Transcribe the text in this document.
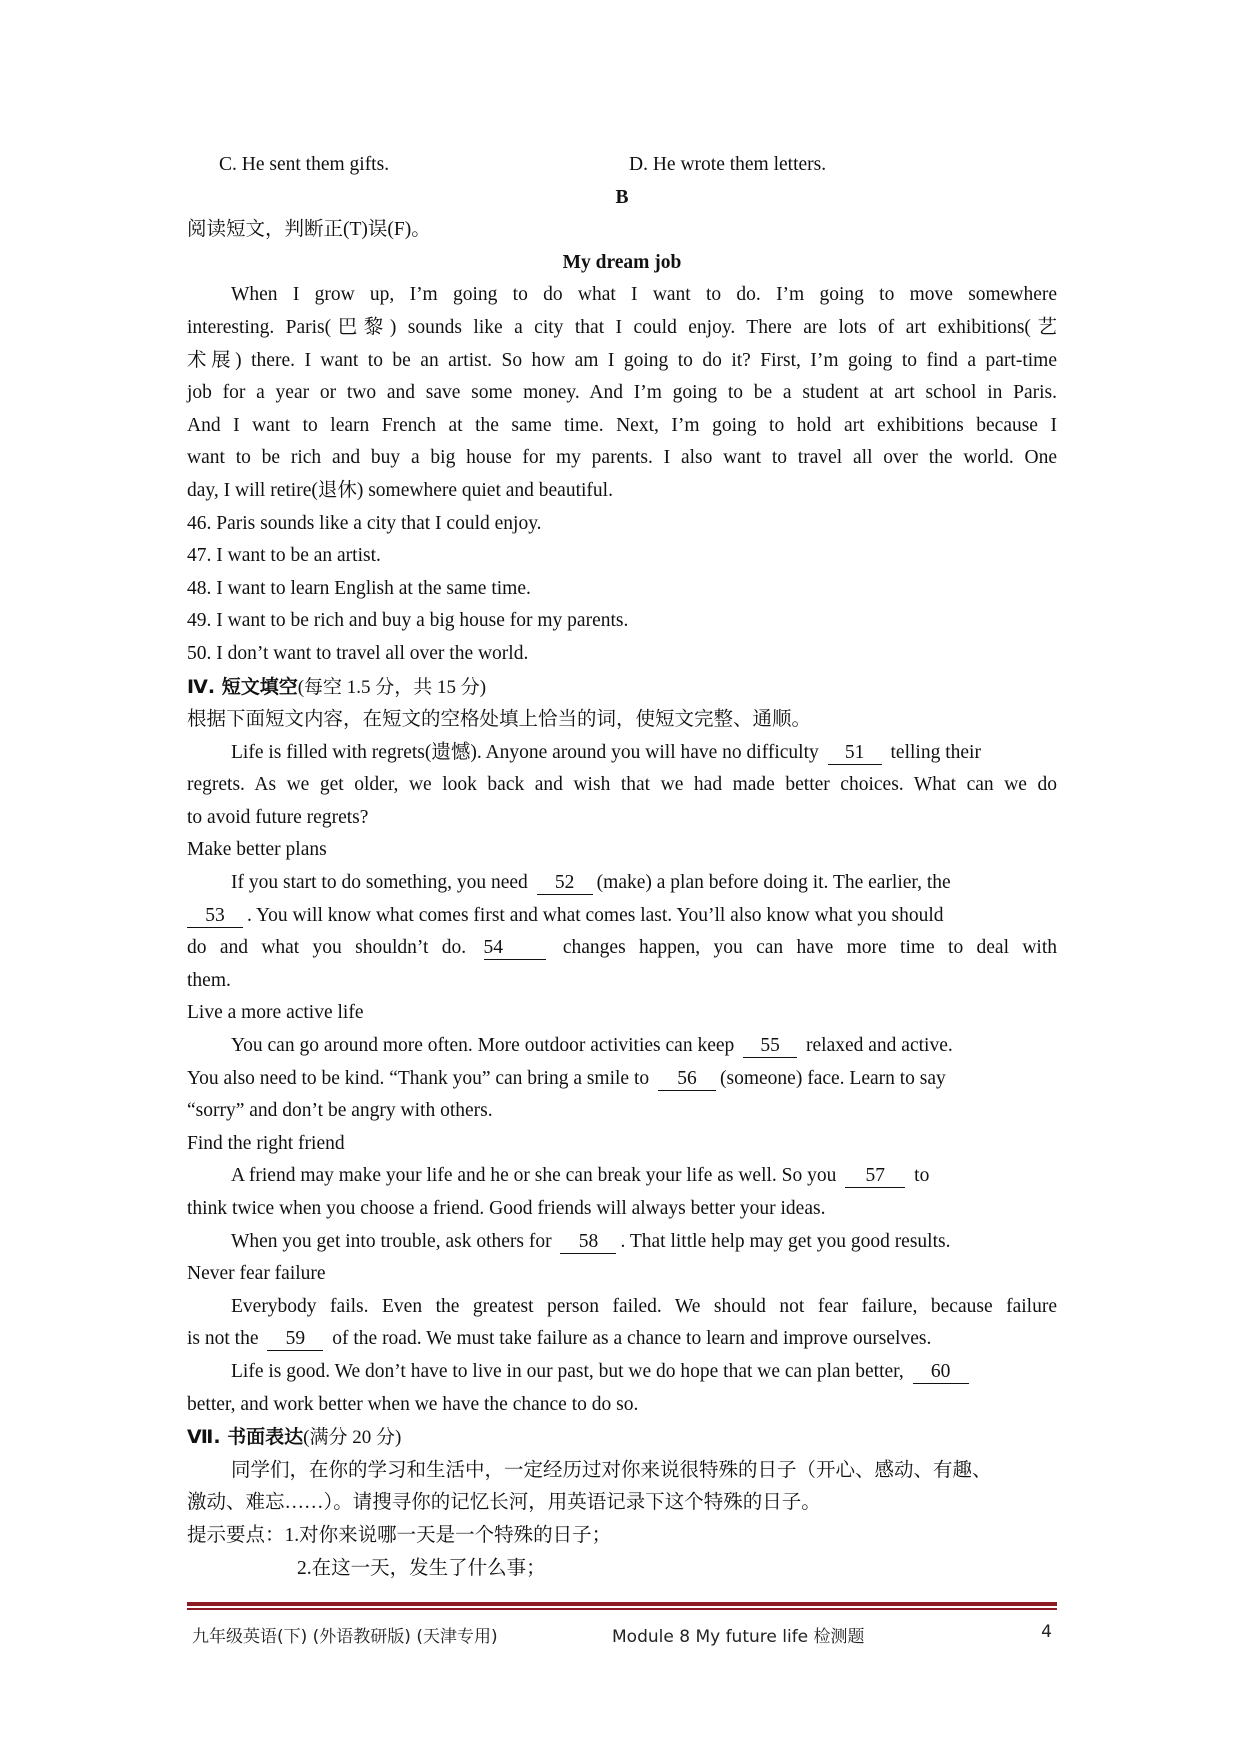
C. He sent them gifts.	D. He wrote them letters.
B
阅读短文，判断正(T)误(F)。
My dream job
When I grow up, I’m going to do what I want to do. I’m going to move somewhere
interesting. Paris(巴黎) sounds like a city that I could enjoy. There are lots of art exhibitions(艺
术展) there. I want to be an artist. So how am I going to do it? First, I’m going to find a part-time
job for a year or two and save some money. And I’m going to be a student at art school in Paris.
And I want to learn French at the same time. Next, I’m going to hold art exhibitions because I
want to be rich and buy a big house for my parents. I also want to travel all over the world. One
day, I will retire(退休) somewhere quiet and beautiful.
46. Paris sounds like a city that I could enjoy.
47. I want to be an artist.
48. I want to learn English at the same time.
49. I want to be rich and buy a big house for my parents.
50. I don’t want to travel all over the world.
Ⅳ. 短文填空(每空 1.5 分，共 15 分)
根据下面短文内容，在短文的空格处填上恰当的词，使短文完整、通顺。
Life is filled with regrets(遗憾). Anyone around you will have no difficulty 51 telling their
regrets. As we get older, we look back and wish that we had made better choices. What can we do
to avoid future regrets?
Make better plans
If you start to do something, you need 52 (make) a plan before doing it. The earlier, the
53 . You will know what comes first and what comes last. You’ll also know what you should
do and what you shouldn’t do. 54	changes happen, you can have more time to deal with
them.
Live a more active life
You can go around more often. More outdoor activities can keep 55 relaxed and active.
You also need to be kind. “Thank you” can bring a smile to 56 (someone) face. Learn to say
“sorry” and don’t be angry with others.
Find the right friend
A friend may make your life and he or she can break your life as well. So you 57 to
think twice when you choose a friend. Good friends will always better your ideas.
When you get into trouble, ask others for 58 . That little help may get you good results.
Never fear failure
Everybody fails. Even the greatest person failed. We should not fear failure, because failure
is not the 59 of the road. We must take failure as a chance to learn and improve ourselves.
Life is good. We don’t have to live in our past, but we do hope that we can plan better, 60
better, and work better when we have the chance to do so.
Ⅶ. 书面表达(满分 20 分)
同学们，在你的学习和生活中，一定经历过对你来说很特殊的日子（开心、感动、有趣、
激动、难忘……）。请搜寻你的记忆长河，用英语记录下这个特殊的日子。
提示要点：1.对你来说哪一天是一个特殊的日子；
2.在这一天，发生了什么事；
九年级英语(下) (外语教研版) (天津专用)	Module 8 My future life 检测题	4
